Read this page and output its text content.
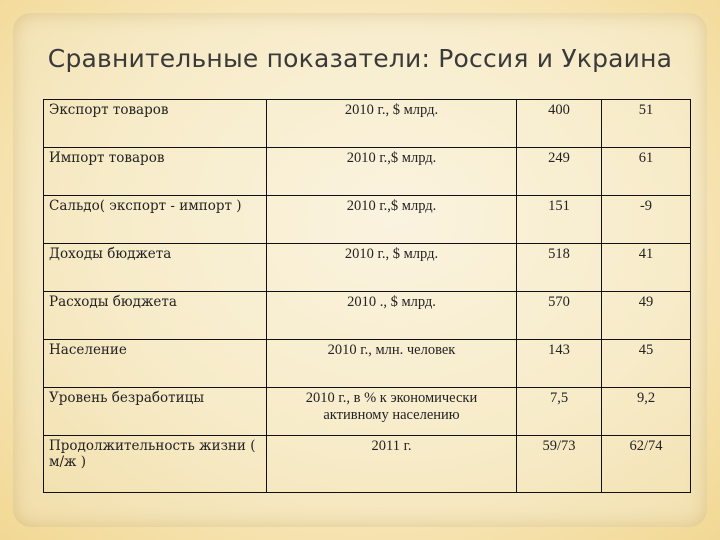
Сравнительные показатели: Россия и Украина
Экспорт товаров	2010 г., $ млрд.	400	51
Импорт товаров	2010 г.,$ млрд.	249	61
Сальдо( экспорт - импорт )	2010 г.,$ млрд.	151	-9
Доходы бюджета	2010 г., $ млрд.	518	41
Расходы бюджета	2010 ., $ млрд.	570	49
Население	2010 г., млн. человек	143	45
Уровень безработицы	2010 г., в % к экономически активному населению	7,5	9,2
Продолжительность жизни ( м/ж )	2011 г.	59/73	62/74
